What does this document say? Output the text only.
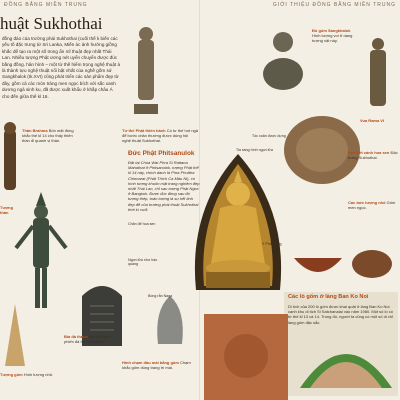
ĐỒNG BẰNG MIỀN TRUNG	GIỚI THIỆU ĐỒNG BẰNG MIỀN TRUNG
huật Sukhothai
đồng đáo của trường phái Sukhothai (cuối thế k biến các yếu tố đặc trưng từ Sri Lanka, Miến ác ảnh hưởng giồng khắc để tạo ra một số trong ẩn mĩ thuật đẹp nhất Thái Lan. Nhiều tượng Phật ương nét uyển chuyển được đúc bằng đồng. hân hình – một từ thế hiểm trọng nghệ thuật à là thành tựu nghệ thuật nổi bật nhất của nghề gốm sứ Sangkhalok (tk.XVI) cũng phát triển các sản phẩm đẹp từ đây, gồm cả các món tráng men ngọc bích với sắc xanh dương ngả sinh ku, đã được xuất khẩu ở khắp châu Á cho đến giữa thế kỉ 16.
Thần Brahma Bốn mặt đồng khắc thế kỉ 14 cho thấy thiên thần đi quanh vị thần.
Tượng thần
Tượng gốm Hình tượng nhỏ.
Bia đá thạch Bia đá thạch phiến đá từ Sukhothai.
Tứ thế Phật thiền hành Có tư thế hơi ngả để bước chân thường được dùng hội nghệ thuật Sukhothai.
Đức Phật Phitsanulok
Đặt tại Chùa Wat Phra Si Rattana Mahathat ở Phitsanulok, tượng Phật thế kỉ 14 này, chính danh là Phra Phuttha Chinnarat (Phật Thích Ca Mâu Ni), có hình tượng khuôn mặt trang nghiêm đẹp nhất Thái Lan, chỉ sau tượng Phật Ngọc ở Bangkok. Được đúc đồng sau đó tượng thép, toàn tượng là sự kết tinh đẹp đẽ của trường phái thuật Sukhothai thời kì cuối.
Tia sáng hình ngọn lửa
Tóc xoăn được dựng
Y Phật vàng
Chân đế hoa sen
Ngọn lửa như hào quang
Bóng rắn Naga
Hình chạm đầu mái bằng gốm Chạm khắc gốm dùng trang trí mái.
Đồ gốm Sangkhalok Hình tượng voi ở dạng tượng vật này.
Vua Rama VI
Hoa tiết cánh hoa sen Đặc trưng Sukhothai.
Các bức tượng nhỏ Gốm men ngọc.
Các lò gốm ở làng Ban Ko Noi
Di tích của 200 lò gốm được khai quật ở làng Ban Ko Noi cạnh khu di tích Si Satchanalai vào năm 1980. Một số lò có từ thế kỉ 13 và 14. Trong đó, người ta cũng có một số di chỉ làng gốm đặc sắc.
